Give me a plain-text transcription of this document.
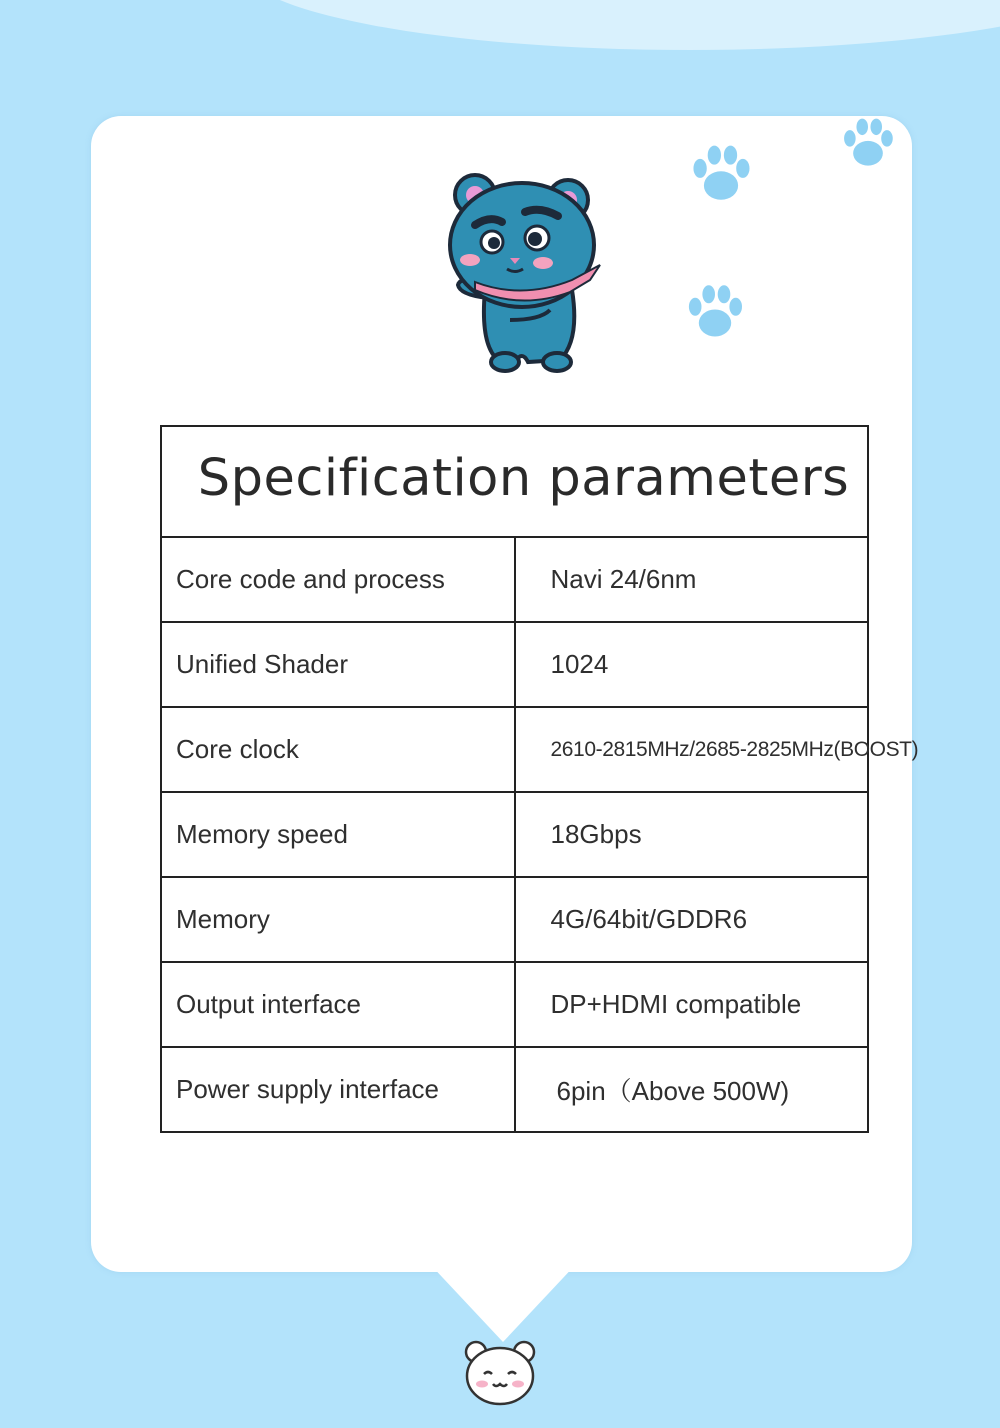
Specification parameters	
Core code and process	Navi 24/6nm
Unified Shader	1024
Core clock	2610-2815MHz/2685-2825MHz(BOOST)
Memory speed	18Gbps
Memory	4G/64bit/GDDR6
Output interface	DP+HDMI compatible
Power supply interface	6pin（Above 500W)
